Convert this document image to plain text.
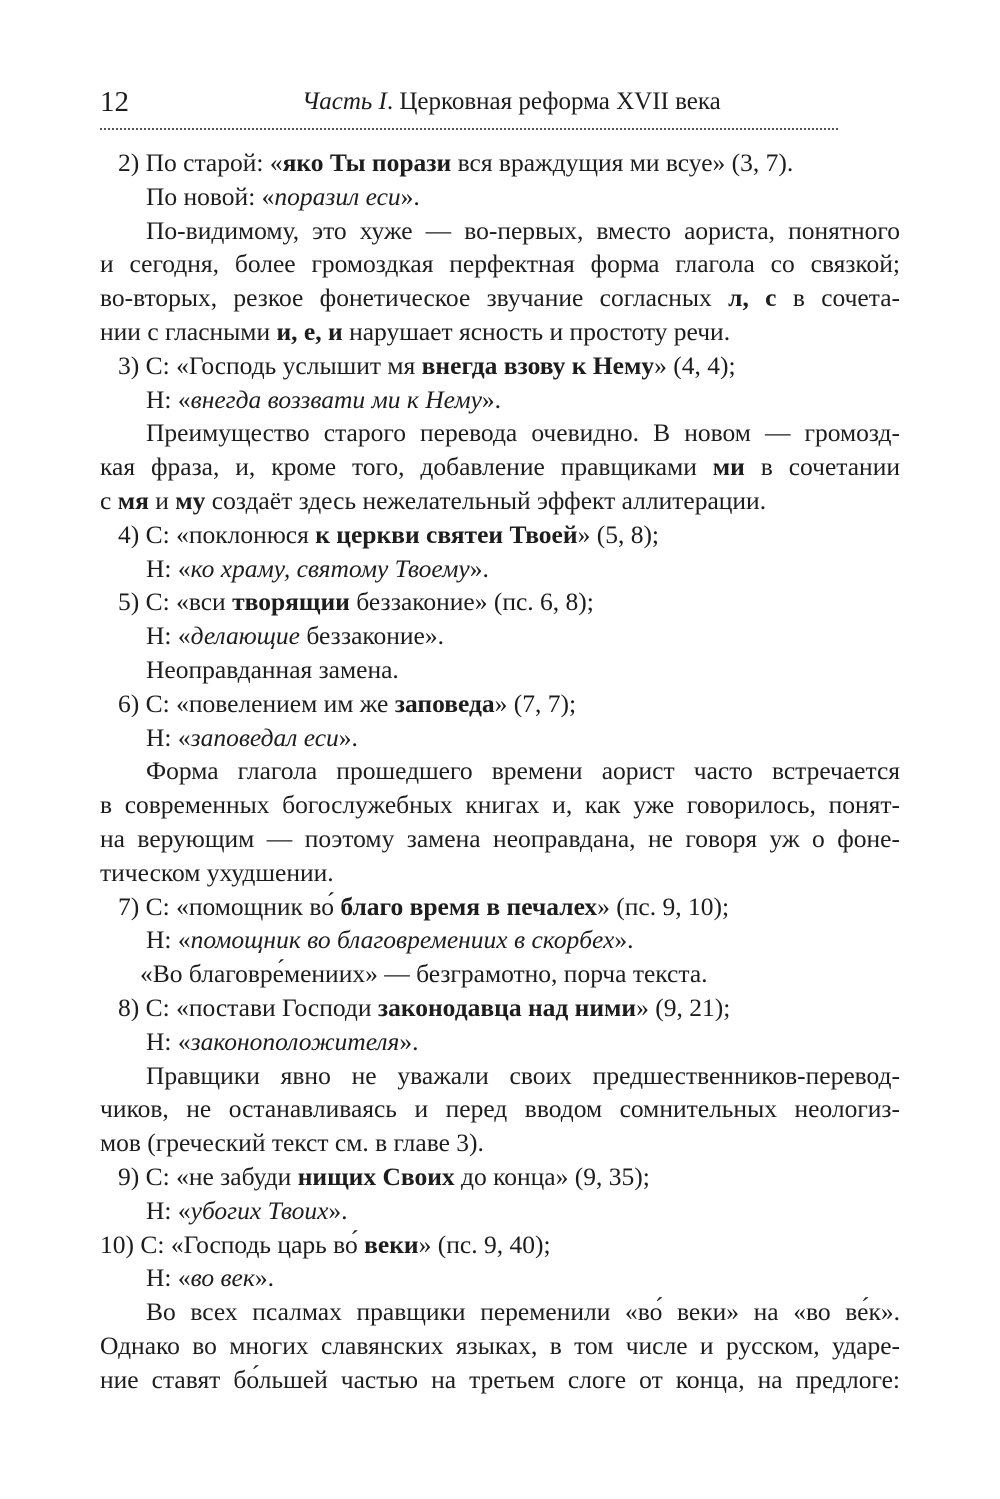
12	Часть I. Церковная реформа XVII века
2) По старой: «яко Ты порази вся враждущия ми всуе» (3, 7).
По новой: «поразил еси».
По-видимому, это хуже — во-первых, вместо аориста, понятного
и сегодня, более громоздкая перфектная форма глагола со связкой;
во-вторых, резкое фонетическое звучание согласных л, с в сочета-
нии с гласными и, е, и нарушает ясность и простоту речи.
3) С: «Господь услышит мя внегда взову к Нему» (4, 4);
Н: «внегда воззвати ми к Нему».
Преимущество старого перевода очевидно. В новом — громозд-
кая фраза, и, кроме того, добавление правщиками ми в сочетании
с мя и му создаёт здесь нежелательный эффект аллитерации.
4) С: «поклонюся к церкви святеи Твоей» (5, 8);
Н: «ко храму, святому Твоему».
5) С: «вси творящии беззаконие» (пс. 6, 8);
Н: «делающие беззаконие».
Неоправданная замена.
6) С: «повелением им же заповеда» (7, 7);
Н: «заповедал еси».
Форма глагола прошедшего времени аорист часто встречается
в современных богослужебных книгах и, как уже говорилось, понят-
на верующим — поэтому замена неоправдана, не говоря уж о фоне-
тическом ухудшении.
7) С: «помощник во́ благо время в печалех» (пс. 9, 10);
Н: «помощник во благовремениих в скорбех».
«Во благовре́мениих» — безграмотно, порча текста.
8) С: «постави Господи законодавца над ними» (9, 21);
Н: «законоположителя».
Правщики явно не уважали своих предшественников-перевод-
чиков, не останавливаясь и перед вводом сомнительных неологиз-
мов (греческий текст см. в главе 3).
9) С: «не забуди нищих Своих до конца» (9, 35);
Н: «убогих Твоих».
10) С: «Господь царь во́ веки» (пс. 9, 40);
Н: «во век».
Во всех псалмах правщики переменили «во́ веки» на «во ве́к».
Однако во многих славянских языках, в том числе и русском, ударе-
ние ставят бо́льшей частью на третьем слоге от конца, на предлоге:
